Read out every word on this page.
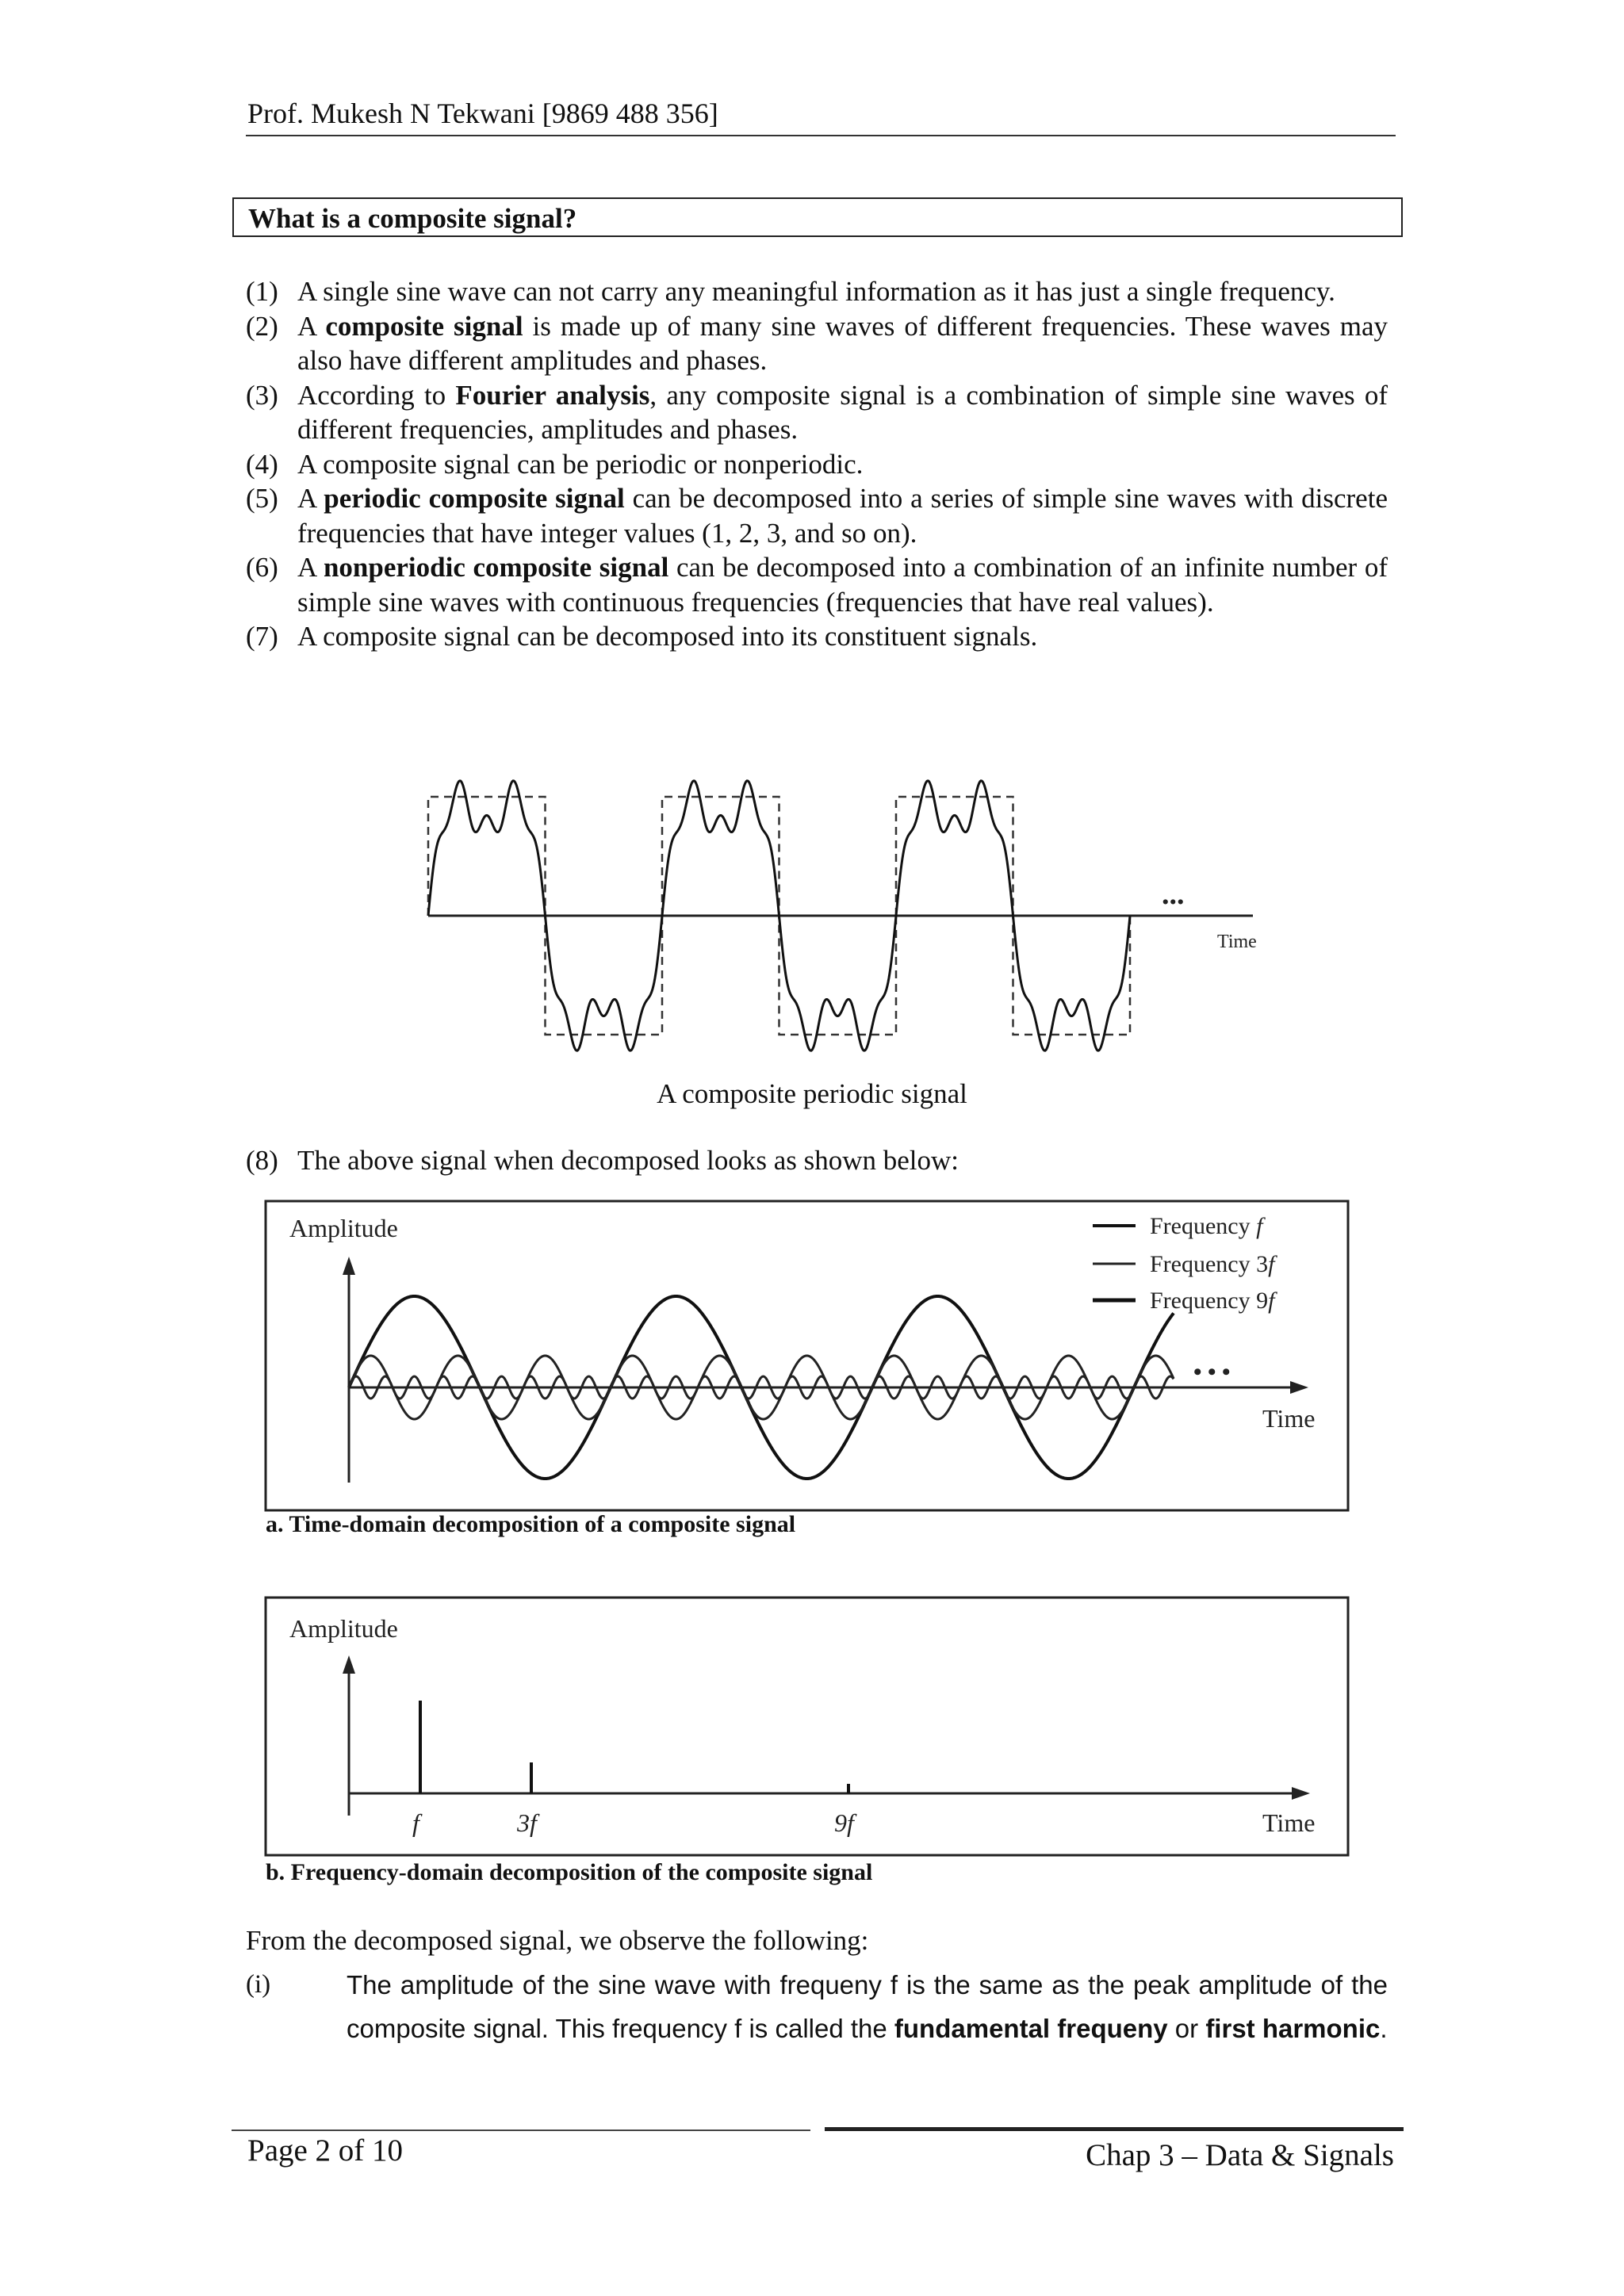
Prof. Mukesh N Tekwani [9869 488 356]
What is a composite signal?
(1) A single sine wave can not carry any meaningful information as it has just a single frequency.
(2) A composite signal is made up of many sine waves of different frequencies. These waves may also have different amplitudes and phases.
(3) According to Fourier analysis, any composite signal is a combination of simple sine waves of different frequencies, amplitudes and phases.
(4) A composite signal can be periodic or nonperiodic.
(5) A periodic composite signal can be decomposed into a series of simple sine waves with discrete frequencies that have integer values (1, 2, 3, and so on).
(6) A nonperiodic composite signal can be decomposed into a combination of an infinite number of simple sine waves with continuous frequencies (frequencies that have real values).
(7) A composite signal can be decomposed into its constituent signals.
...
Time
A composite periodic signal
(8) The above signal when decomposed looks as shown below:
Amplitude
• • •
Time
Frequency f
Frequency 3f
Frequency 9f
a. Time-domain decomposition of a composite signal
Amplitude
f	3f	9f	Time
b. Frequency-domain decomposition of the composite signal
From the decomposed signal, we observe the following:
(i)	The amplitude of the sine wave with frequeny f is the same as the peak amplitude of the composite signal. This frequency f is called the fundamental frequeny or first harmonic.
Page 2 of 10	Chap 3 – Data & Signals
